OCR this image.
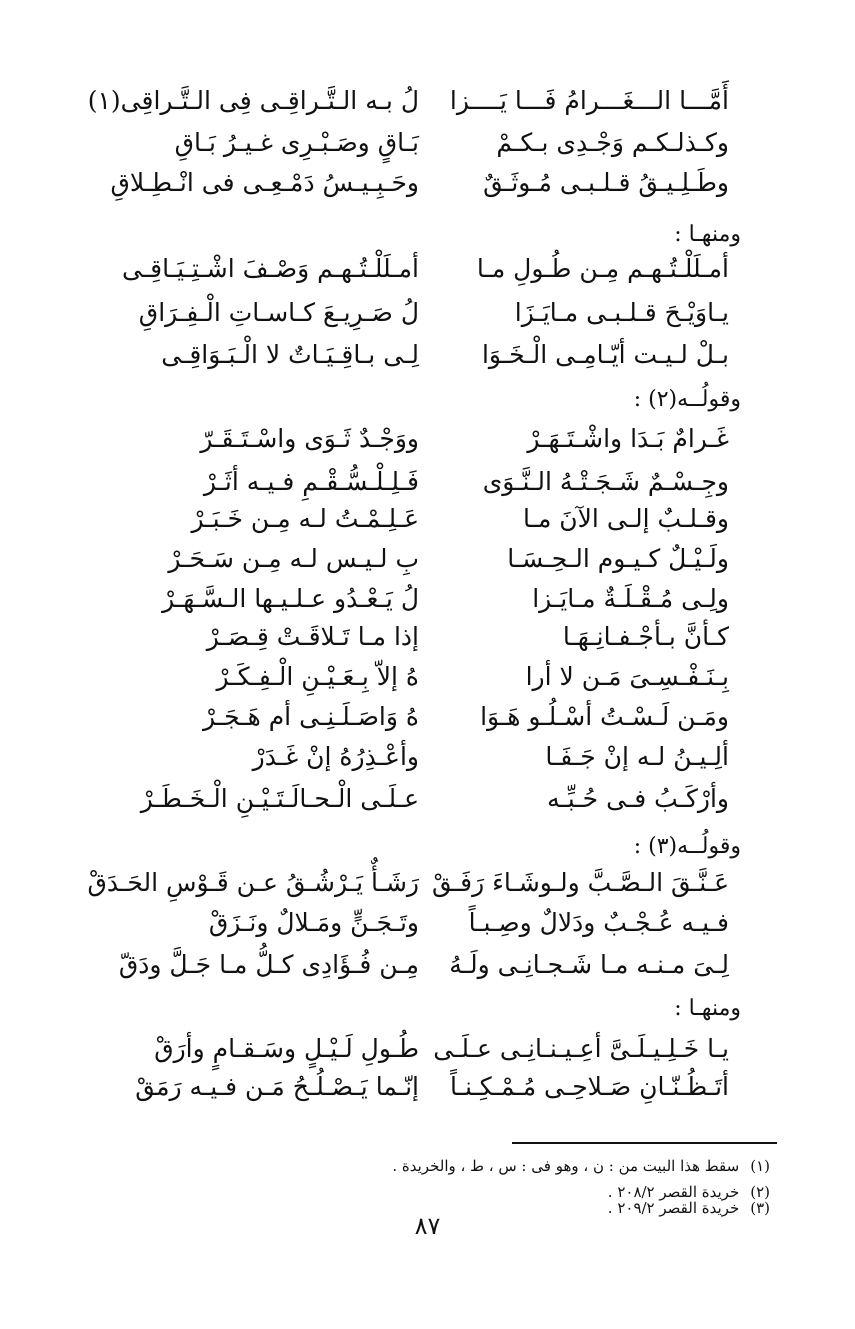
أَمَّـــا الـــغَـــرامُ فَـــا يَــــزا
لُ بـه الـتَّـراقِـى فِى الـتَّـراقِى(١)
وكـذلـكـم وَجْـدِى بـكـمْ
بَـاقٍ وصَـبْـرِى غـيـرُ بَـاقِ
وطَـلِـيـقُ قـلـبـى مُـوثَـقٌ
وحَـبِـيـسُ دَمْـعِـى فى انْـطِـلاقِ
ومنهـا :
أمـلَلْـتُـهـم مِـن طُـولِ مـا
أمـلَلْـتُـهـم وَصْـفَ اشْـتِـيَـاقِـى
يـاوَيْـحَ قـلـبـى مـايَـزَا
لُ صَـرِيـعَ كـاسـاتِ الْـفِـرَاقِ
بـلْ لـيـت أيّـامِـى الْـخَـوَا
لِـى بـاقِـيَـاتٌ لا الْـبَـوَاقِـى
وقولُــه(٢) :
غَـرامٌ بَـدَا واشْـتَـهَـرْ
ووَجْـدٌ ثَـوَى واسْـتَـقَـرّ
وجِـسْـمٌ شَـجَـتْـهُ الـنَّـوَى
فَـلِـلْـسُّـقْـمِ فـيـه أثَـرْ
وقـلـبٌ إلـى الآنَ مـا
عَـلِـمْـتُ لـه مِـن خَـبَـرْ
ولَـيْـلٌ كـيـوم الـحِـسَـا
بِ لـيـس لـه مِـن سَـحَـرْ
ولِـى مُـقْـلَـةٌ مـايَـزا
لُ يَـعْـدُو عـلـيـها الـسَّـهَـرْ
كـأنَّ بـأجْـفـانِـهَـا
إذا مـا تَـلاقَـتْ قِـصَـرْ
بِـنَـفْـسِـىَ مَـن لا أرا
هُ إلاّ بِـعَـيْـنِ الْـفِـكَـرْ
ومَـن لَـسْـتُ أسْـلُـو هَـوَا
هُ وَاصَـلَـنِـى أم هَـجَـرْ
ألِـيـنُ لـه إنْ جَـفَـا
وأعْـذِرُهُ إنْ غَـدَرْ
وأرْكَـبُ فـى حُـبِّـه
عـلَـى الْـحـالَـتَـيْـنِ الْـخَـطَـرْ
وقولُــه(٣) :
عَـنَّـقَ الـصَّـبَّ ولـوشَـاءَ رَفَـقْ
رَشَـأٌ يَـرْشُـقُ عـن قَـوْسِ الحَـدَقْ
فـيـه عُـجْـبٌ ودَلالٌ وصِـبـاً
وتَـجَـنٍّ ومَـلالٌ ونَـزَقْ
لِـىَ مـنـه مـا شَـجـانِـى ولَـهُ
مِـن فُـؤَادِى كـلُّ مـا جَـلَّ ودَقّ
ومنهـا :
يـا خَـلِـيـلَـىَّ أعِـيـنـانِـى عـلَـى
طُـولِ لَـيْـلٍ وسَـقـامٍ وأرَقْ
أتَـظُـنّـانِ صَـلاحِـى مُـمْـكِـنـاً
إنّـما يَـصْـلُـحُ مَـن فـيـه رَمَقْ
(١) سقط هذا البيت من : ن ، وهو فى : س ، ط ، والخريدة .
(٢) خريدة القصر ٢٠٨/٢ .
(٣) خريدة القصر ٢٠٩/٢ .
٨٧
